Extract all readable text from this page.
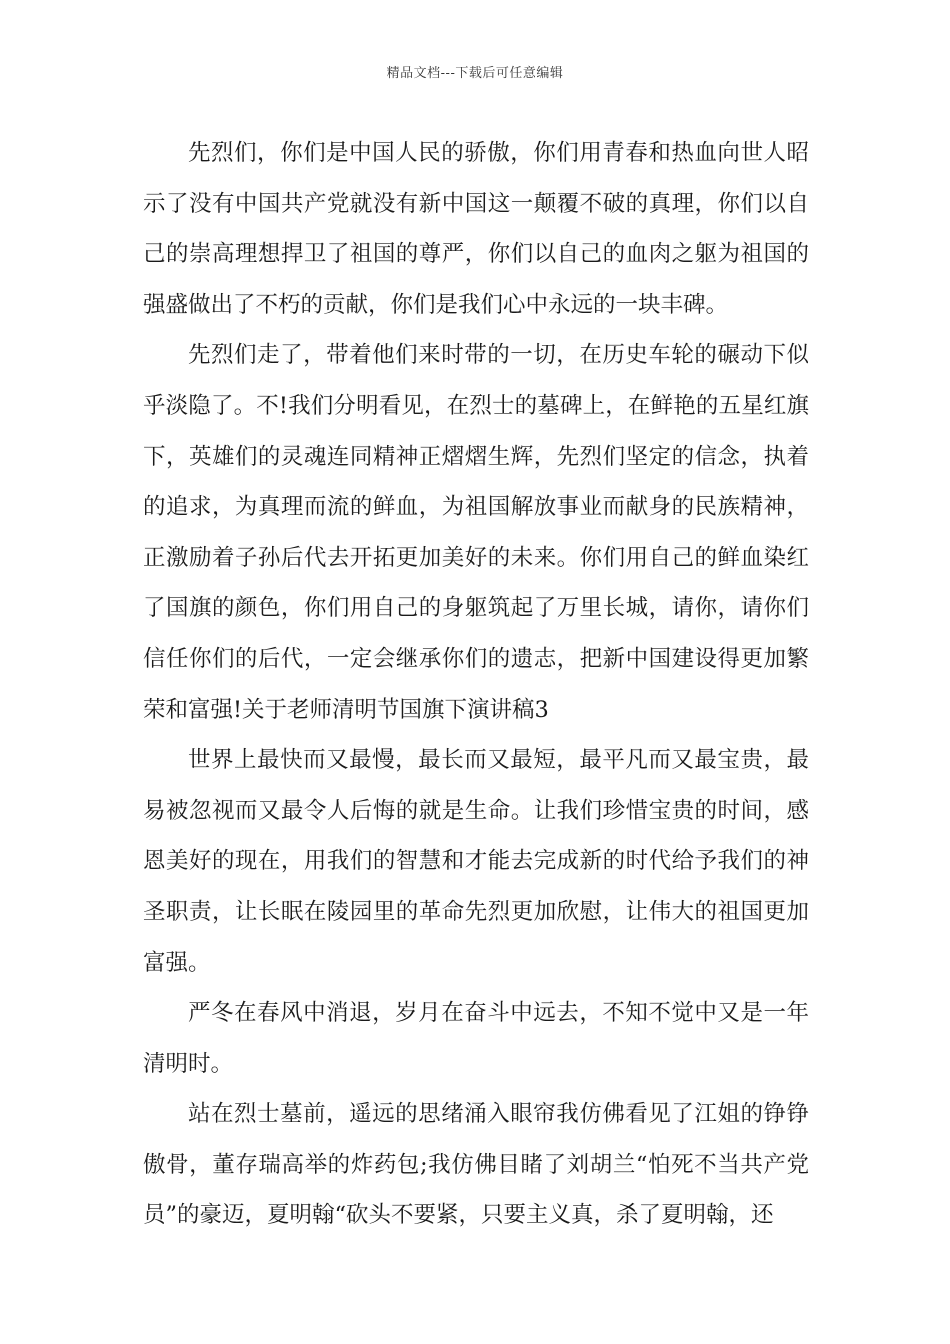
精品文档---下载后可任意编辑

先烈们，你们是中国人民的骄傲，你们用青春和热血向世人昭示了没有中国共产党就没有新中国这一颠覆不破的真理，你们以自己的崇高理想捍卫了祖国的尊严，你们以自己的血肉之躯为祖国的强盛做出了不朽的贡献，你们是我们心中永远的一块丰碑。

先烈们走了，带着他们来时带的一切，在历史车轮的碾动下似乎淡隐了。不!我们分明看见，在烈士的墓碑上，在鲜艳的五星红旗下，英雄们的灵魂连同精神正熠熠生辉，先烈们坚定的信念，执着的追求，为真理而流的鲜血，为祖国解放事业而献身的民族精神，正激励着子孙后代去开拓更加美好的未来。你们用自己的鲜血染红了国旗的颜色，你们用自己的身躯筑起了万里长城，请你，请你们信任你们的后代，一定会继承你们的遗志，把新中国建设得更加繁荣和富强!关于老师清明节国旗下演讲稿3

世界上最快而又最慢，最长而又最短，最平凡而又最宝贵，最易被忽视而又最令人后悔的就是生命。让我们珍惜宝贵的时间，感恩美好的现在，用我们的智慧和才能去完成新的时代给予我们的神圣职责，让长眠在陵园里的革命先烈更加欣慰，让伟大的祖国更加富强。

严冬在春风中消退，岁月在奋斗中远去，不知不觉中又是一年清明时。

站在烈士墓前，遥远的思绪涌入眼帘我仿佛看见了江姐的铮铮傲骨，董存瑞高举的炸药包;我仿佛目睹了刘胡兰“怕死不当共产党员”的豪迈，夏明翰“砍头不要紧，只要主义真，杀了夏明翰，还
